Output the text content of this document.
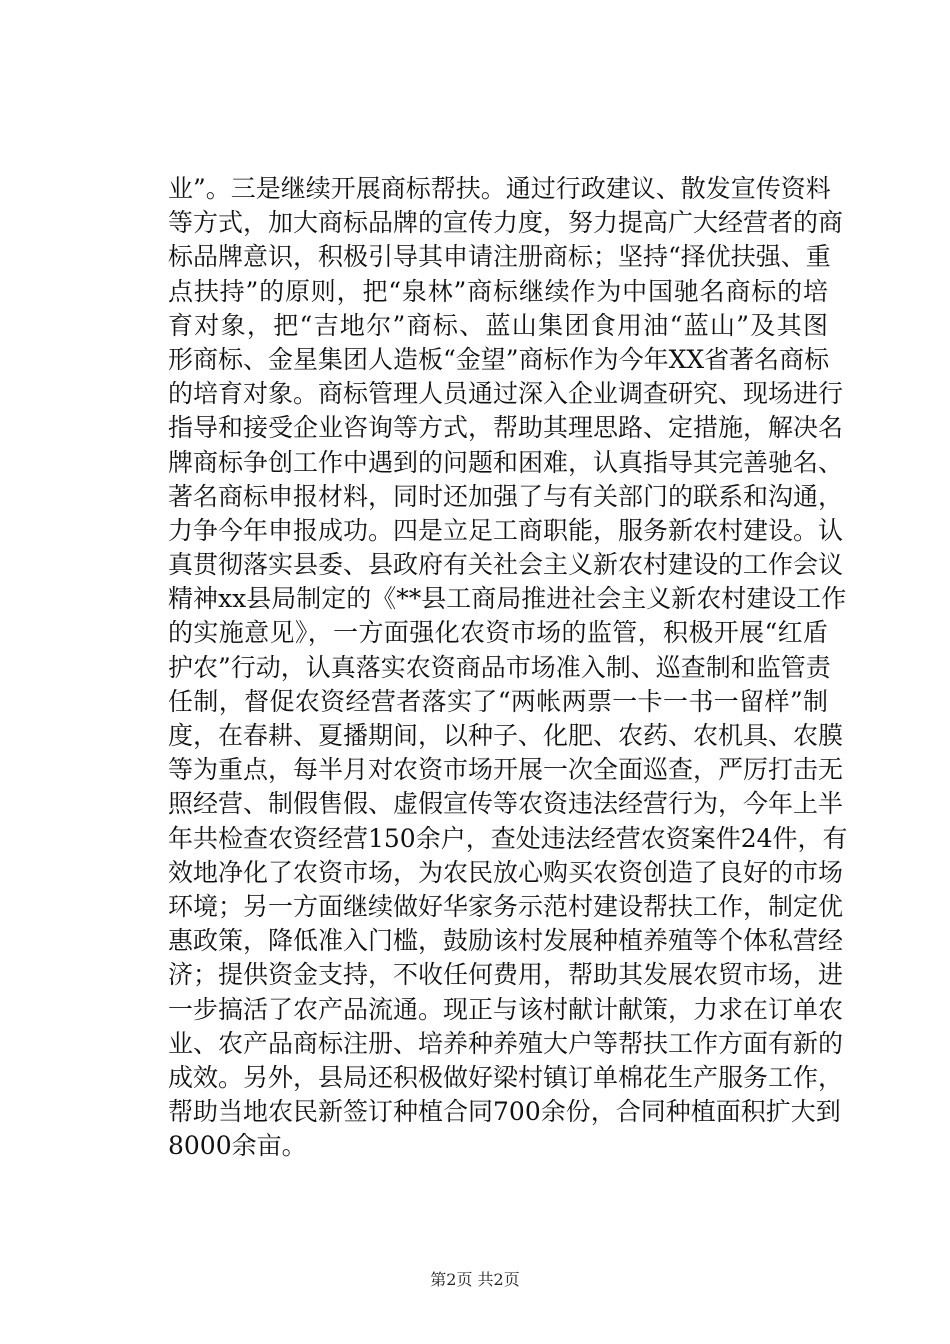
业”。三是继续开展商标帮扶。通过行政建议、散发宣传资料
等方式，加大商标品牌的宣传力度，努力提高广大经营者的商
标品牌意识，积极引导其申请注册商标；坚持“择优扶强、重
点扶持”的原则，把“泉林”商标继续作为中国驰名商标的培
育对象，把“吉地尔”商标、蓝山集团食用油“蓝山”及其图
形商标、金星集团人造板“金望”商标作为今年XX省著名商标
的培育对象。商标管理人员通过深入企业调查研究、现场进行
指导和接受企业咨询等方式，帮助其理思路、定措施，解决名
牌商标争创工作中遇到的问题和困难，认真指导其完善驰名、
著名商标申报材料，同时还加强了与有关部门的联系和沟通，
力争今年申报成功。四是立足工商职能，服务新农村建设。认
真贯彻落实县委、县政府有关社会主义新农村建设的工作会议
精神xx县局制定的《**县工商局推进社会主义新农村建设工作
的实施意见》，一方面强化农资市场的监管，积极开展“红盾
护农”行动，认真落实农资商品市场准入制、巡查制和监管责
任制，督促农资经营者落实了“两帐两票一卡一书一留样”制
度，在春耕、夏播期间，以种子、化肥、农药、农机具、农膜
等为重点，每半月对农资市场开展一次全面巡查，严厉打击无
照经营、制假售假、虚假宣传等农资违法经营行为，今年上半
年共检查农资经营150余户，查处违法经营农资案件24件，有
效地净化了农资市场，为农民放心购买农资创造了良好的市场
环境；另一方面继续做好华家务示范村建设帮扶工作，制定优
惠政策，降低准入门槛，鼓励该村发展种植养殖等个体私营经
济；提供资金支持，不收任何费用，帮助其发展农贸市场，进
一步搞活了农产品流通。现正与该村献计献策，力求在订单农
业、农产品商标注册、培养种养殖大户等帮扶工作方面有新的
成效。另外，县局还积极做好梁村镇订单棉花生产服务工作，
帮助当地农民新签订种植合同700余份，合同种植面积扩大到
8000余亩。
第2页 共2页
